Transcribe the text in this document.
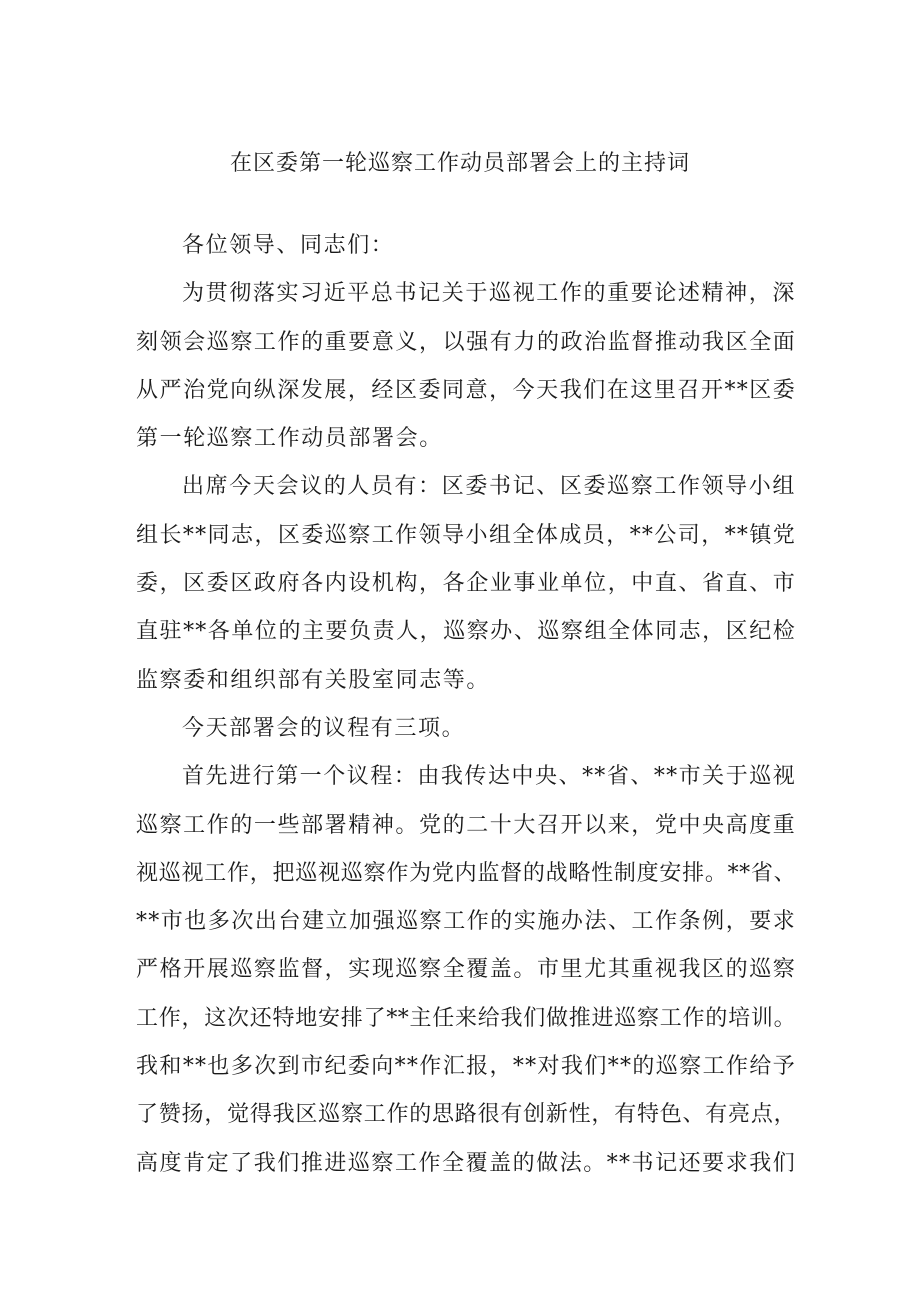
在区委第一轮巡察工作动员部署会上的主持词
各位领导、同志们：
为贯彻落实习近平总书记关于巡视工作的重要论述精神，深
刻领会巡察工作的重要意义，以强有力的政治监督推动我区全面
从严治党向纵深发展，经区委同意，今天我们在这里召开**区委
第一轮巡察工作动员部署会。
出席今天会议的人员有：区委书记、区委巡察工作领导小组
组长**同志，区委巡察工作领导小组全体成员，**公司，**镇党
委，区委区政府各内设机构，各企业事业单位，中直、省直、市
直驻**各单位的主要负责人，巡察办、巡察组全体同志，区纪检
监察委和组织部有关股室同志等。
今天部署会的议程有三项。
首先进行第一个议程：由我传达中央、**省、**市关于巡视
巡察工作的一些部署精神。党的二十大召开以来，党中央高度重
视巡视工作，把巡视巡察作为党内监督的战略性制度安排。**省、
**市也多次出台建立加强巡察工作的实施办法、工作条例，要求
严格开展巡察监督，实现巡察全覆盖。市里尤其重视我区的巡察
工作，这次还特地安排了**主任来给我们做推进巡察工作的培训。
我和**也多次到市纪委向**作汇报，**对我们**的巡察工作给予
了赞扬，觉得我区巡察工作的思路很有创新性，有特色、有亮点，
高度肯定了我们推进巡察工作全覆盖的做法。**书记还要求我们
